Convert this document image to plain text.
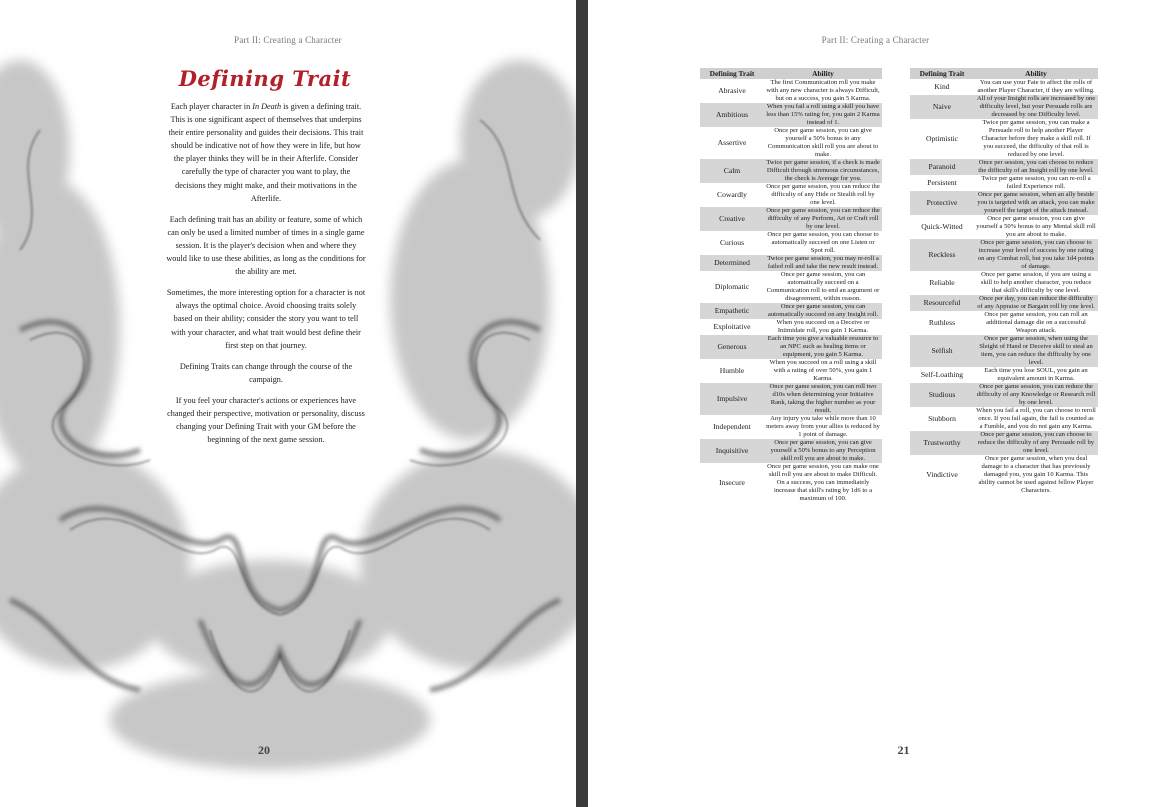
Part II: Creating a Character
Defining Trait

Each player character in In Death is given a defining trait. This is one significant aspect of themselves that underpins their entire personality and guides their decisions. This trait should be indicative not of how they were in life, but how the player thinks they will be in their Afterlife. Consider carefully the type of character you want to play, the decisions they might make, and their motivations in the Afterlife.

Each defining trait has an ability or feature, some of which can only be used a limited number of times in a single game session. It is the player's decision when and where they would like to use these abilities, as long as the conditions for the ability are met.

Sometimes, the more interesting option for a character is not always the optimal choice. Avoid choosing traits solely based on their ability; consider the story you want to tell with your character, and what trait would best define their first step on that journey.

Defining Traits can change through the course of the campaign.

If you feel your character's actions or experiences have changed their perspective, motivation or personality, discuss changing your Defining Trait with your GM before the beginning of the next game session.

20
Part II: Creating a Character
Defining Trait	Ability
Abrasive	The first Communication roll you make with any new character is always Difficult, but on a success, you gain 5 Karma.
Ambitious	When you fail a roll using a skill you have less than 15% rating for, you gain 2 Karma instead of 1.
Assertive	Once per game session, you can give yourself a 50% bonus to any Communication skill roll you are about to make.
Calm	Twice per game session, if a check is made Difficult through strenuous circumstances, the check is Average for you.
Cowardly	Once per game session, you can reduce the difficulty of any Hide or Stealth roll by one level.
Creative	Once per game session, you can reduce the difficulty of any Perform, Art or Craft roll by one level.
Curious	Once per game session, you can choose to automatically succeed on one Listen or Spot roll.
Determined	Twice per game session, you may re-roll a failed roll and take the new result instead.
Diplomatic	Once per game session, you can automatically succeed on a Communication roll to end an argument or disagreement, within reason.
Empathetic	Once per game session, you can automatically succeed on any Insight roll.
Exploitative	When you succeed on a Deceive or Intimidate roll, you gain 1 Karma.
Generous	Each time you give a valuable resource to an NPC such as healing items or equipment, you gain 5 Karma.
Humble	When you succeed on a roll using a skill with a rating of over 50%, you gain 1 Karma.
Impulsive	Once per game session, you can roll two d10s when determining your Initiative Rank, taking the higher number as your result.
Independent	Any injury you take while more than 10 meters away from your allies is reduced by 1 point of damage.
Inquisitive	Once per game session, you can give yourself a 50% bonus to any Perception skill roll you are about to make.
Insecure	Once per game session, you can make one skill roll you are about to make Difficult. On a success, you can immediately increase that skill's rating by 1d6 to a maximum of 100.
Defining Trait	Ability
Kind	You can use your Fate to affect the rolls of another Player Character, if they are willing.
Naive	All of your Insight rolls are increased by one difficulty level, but your Persuade rolls are decreased by one Difficulty level.
Optimistic	Twice per game session, you can make a Persuade roll to help another Player Character before they make a skill roll. If you succeed, the difficulty of that roll is reduced by one level.
Paranoid	Once per session, you can choose to reduce the difficulty of an Insight roll by one level.
Persistent	Twice per game session, you can re-roll a failed Experience roll.
Protective	Once per game session, when an ally beside you is targeted with an attack, you can make yourself the target of the attack instead.
Quick-Witted	Once per game session, you can give yourself a 50% bonus to any Mental skill roll you are about to make.
Reckless	Once per game session, you can choose to increase your level of success by one rating on any Combat roll, but you take 1d4 points of damage.
Reliable	Once per game session, if you are using a skill to help another character, you reduce that skill's difficulty by one level.
Resourceful	Once per day, you can reduce the difficulty of any Appraise or Bargain roll by one level.
Ruthless	Once per game session, you can roll an additional damage die on a successful Weapon attack.
Selfish	Once per game session, when using the Sleight of Hand or Deceive skill to steal an item, you can reduce the difficulty by one level.
Self-Loathing	Each time you lose SOUL, you gain an equivalent amount in Karma.
Studious	Once per game session, you can reduce the difficulty of any Knowledge or Research roll by one level.
Stubborn	When you fail a roll, you can choose to reroll once. If you fail again, the fail is counted as a Fumble, and you do not gain any Karma.
Trustworthy	Once per game session, you can choose to reduce the difficulty of any Persuade roll by one level.
Vindictive	Once per game session, when you deal damage to a character that has previously damaged you, you gain 10 Karma. This ability cannot be used against fellow Player Characters.
21
